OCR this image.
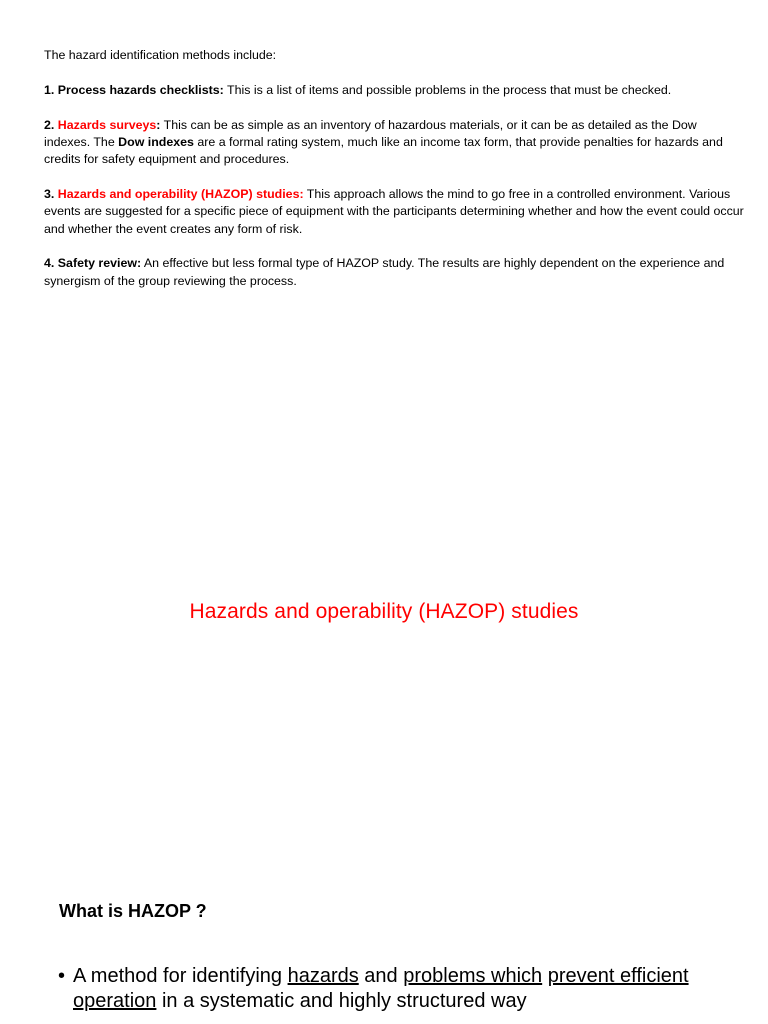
The hazard identification methods include:

1. Process hazards checklists: This is a list of items and possible problems in the process that must be checked.

2. Hazards surveys: This can be as simple as an inventory of hazardous materials, or it can be as detailed as the Dow indexes. The Dow indexes are a formal rating system, much like an income tax form, that provide penalties for hazards and credits for safety equipment and procedures.

3. Hazards and operability (HAZOP) studies: This approach allows the mind to go free in a controlled environment. Various events are suggested for a specific piece of equipment with the participants determining whether and how the event could occur and whether the event creates any form of risk.

4. Safety review: An effective but less formal type of HAZOP study. The results are highly dependent on the experience and synergism of the group reviewing the process.

Hazards and operability (HAZOP) studies
What is HAZOP ?
• A method for identifying hazards and problems which prevent efficient operation in a systematic and highly structured way
